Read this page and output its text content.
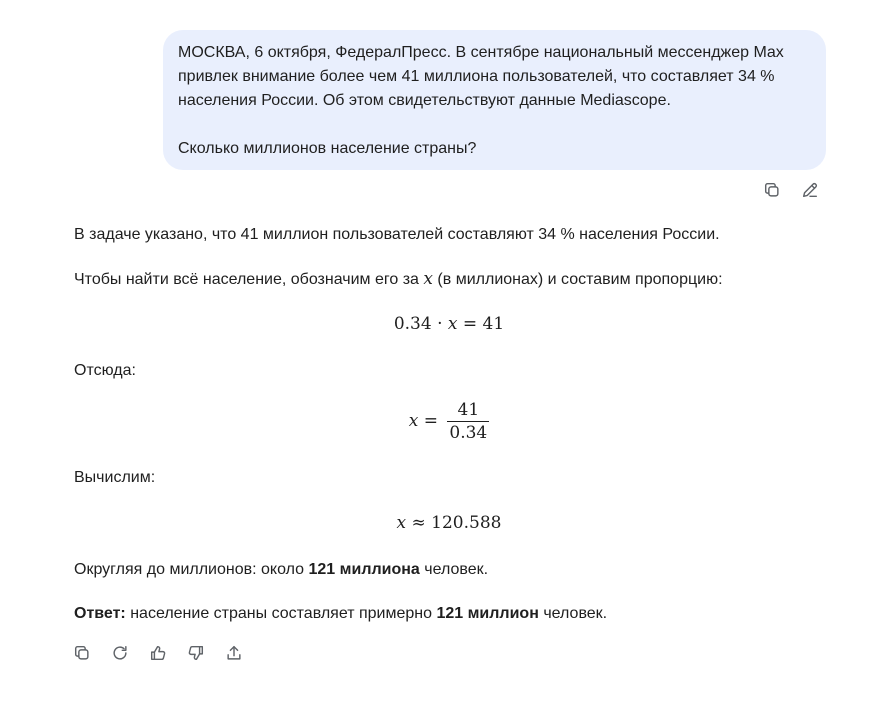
МОСКВА, 6 октября, ФедералПресс. В сентябре национальный мессенджер Max

привлек внимание более чем 41 миллиона пользователей, что составляет 34 %

населения России. Об этом свидетельствуют данные Mediascope.

Сколько миллионов население страны?

В задаче указано, что 41 миллион пользователей составляют 34 % населения России.

Чтобы найти всё население, обозначим его за x (в миллионах) и составим пропорцию:

0.34 · x = 41

Отсюда:

$x = \frac{41}{0.34}$

Вычислим:

x ≈ 120.588

Округляя до миллионов: около 121 миллиона человек.

Ответ: население страны составляет примерно 121 миллион человек.
